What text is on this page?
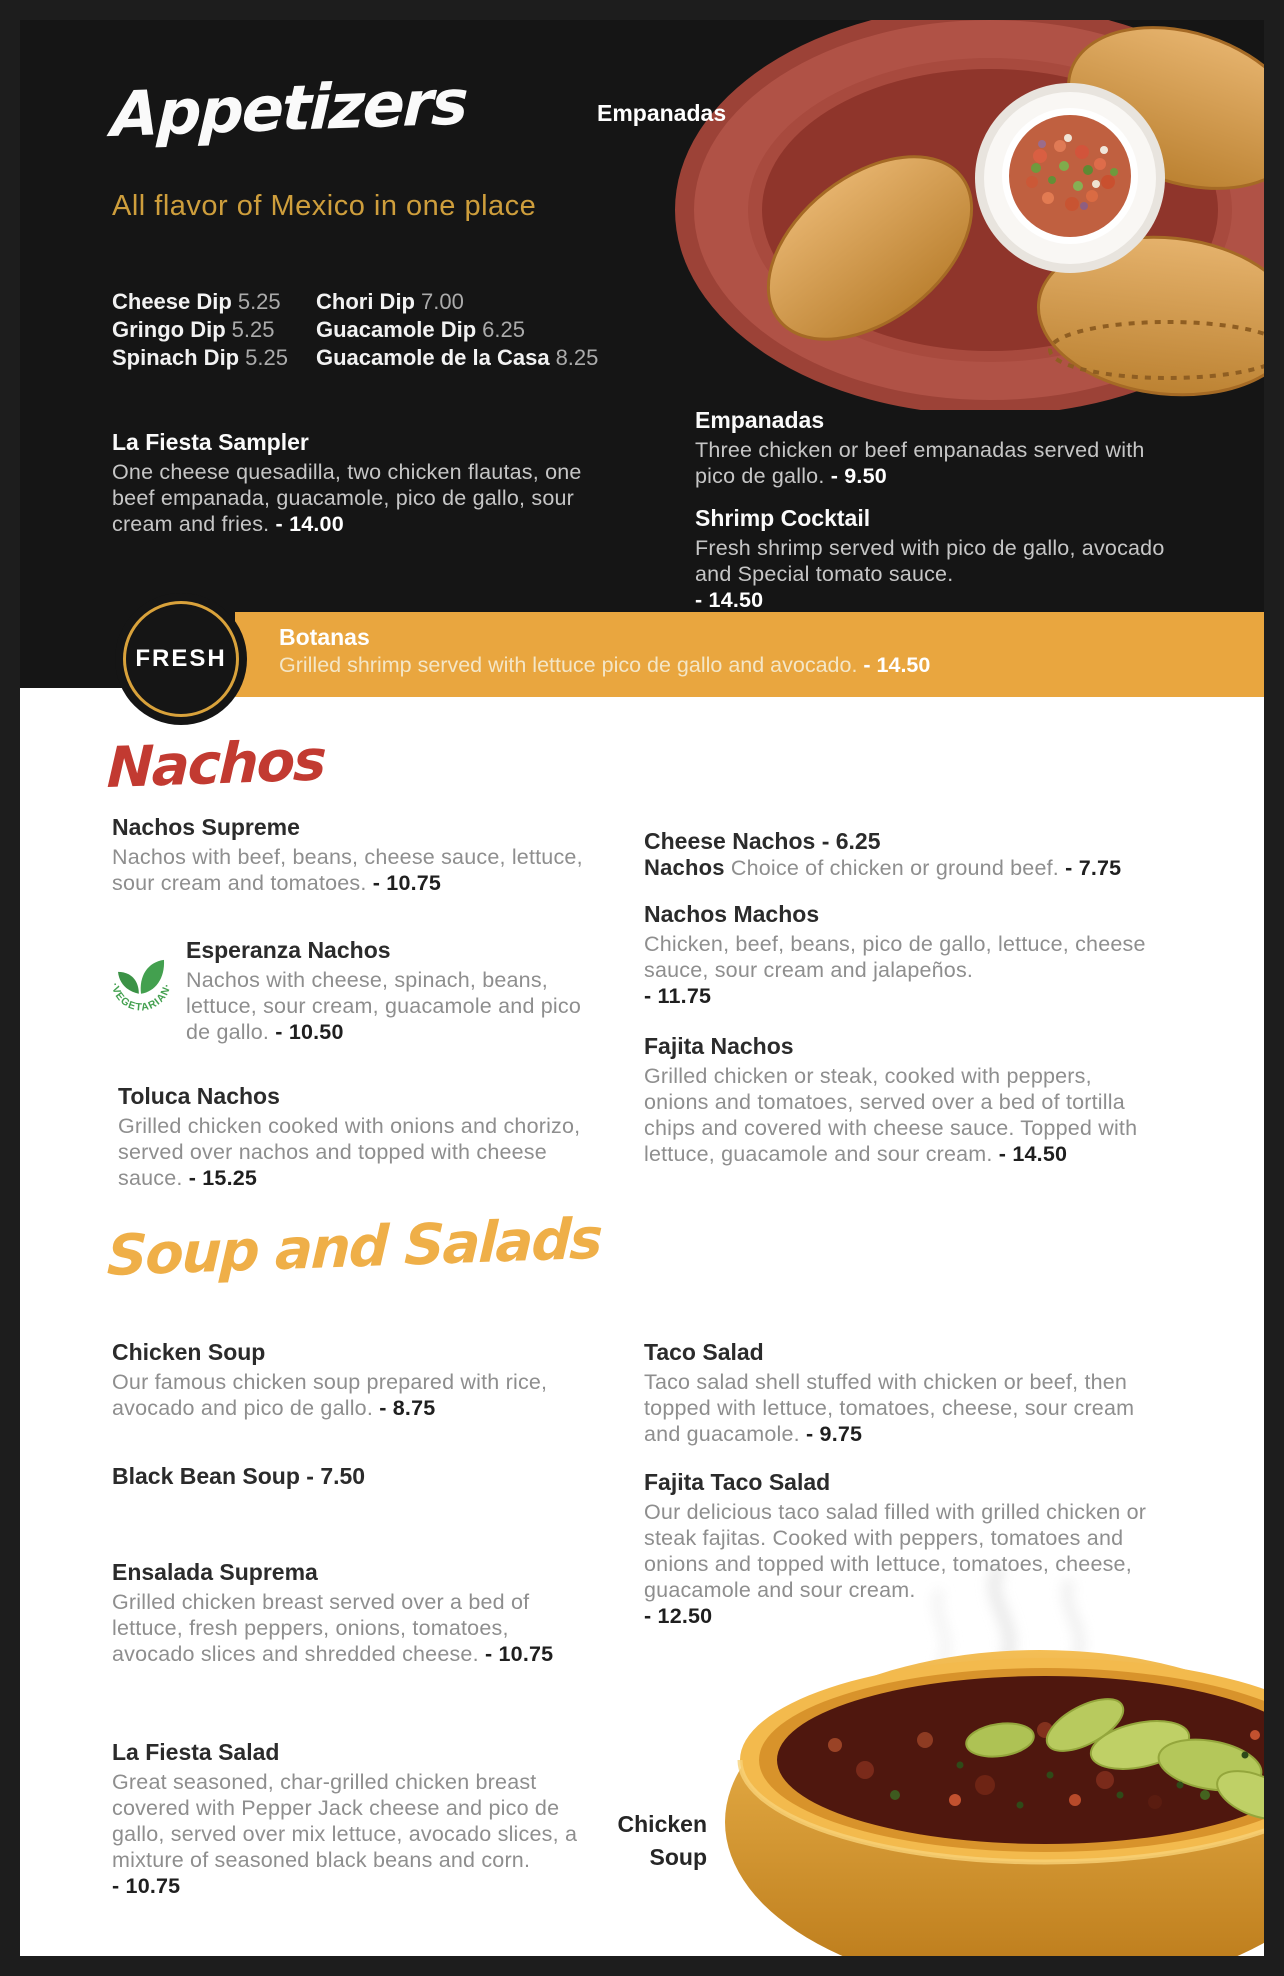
Empanadas
Appetizers
All flavor of Mexico in one place
Cheese Dip 5.25
Gringo Dip 5.25
Spinach Dip 5.25
Chori Dip 7.00
Guacamole Dip 6.25
Guacamole de la Casa 8.25
La Fiesta Sampler
One cheese quesadilla, two chicken flautas, one beef empanada, guacamole, pico de gallo, sour cream and fries. - 14.00
Empanadas
Three chicken or beef empanadas served with pico de gallo. - 9.50
Shrimp Cocktail
Fresh shrimp served with pico de gallo, avocado and Special tomato sauce.
- 14.50
Botanas
Grilled shrimp served with lettuce pico de gallo and avocado. - 14.50
FRESH
Nachos
Nachos Supreme
Nachos with beef, beans, cheese sauce, lettuce, sour cream and tomatoes. - 10.75
·VEGETARIAN·
Esperanza Nachos
Nachos with cheese, spinach, beans, lettuce, sour cream, guacamole and pico de gallo. - 10.50
Toluca Nachos
Grilled chicken cooked with onions and chorizo, served over nachos and topped with cheese sauce. - 15.25
Cheese Nachos - 6.25
Nachos Choice of chicken or ground beef. - 7.75
Nachos Machos
Chicken, beef, beans, pico de gallo, lettuce, cheese sauce, sour cream and jalapeños.
- 11.75
Fajita Nachos
Grilled chicken or steak, cooked with peppers, onions and tomatoes, served over a bed of tortilla chips and covered with cheese sauce. Topped with lettuce, guacamole and sour cream. - 14.50
Soup and Salads
Chicken Soup
Chicken Soup
Our famous chicken soup prepared with rice, avocado and pico de gallo. - 8.75
Black Bean Soup - 7.50
Ensalada Suprema
Grilled chicken breast served over a bed of lettuce, fresh peppers, onions, tomatoes, avocado slices and shredded cheese. - 10.75
La Fiesta Salad
Great seasoned, char-grilled chicken breast covered with Pepper Jack cheese and pico de gallo, served over mix lettuce, avocado slices, a mixture of seasoned black beans and corn. - 10.75
Taco Salad
Taco salad shell stuffed with chicken or beef, then topped with lettuce, tomatoes, cheese, sour cream and guacamole. - 9.75
Fajita Taco Salad
Our delicious taco salad filled with grilled chicken or steak fajitas. Cooked with peppers, tomatoes and onions and topped with lettuce, tomatoes, cheese, guacamole and sour cream.
- 12.50
